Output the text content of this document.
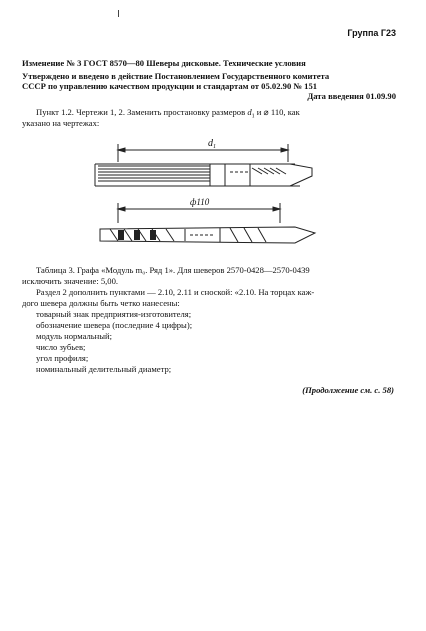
Группа Г23
Изменение № 3 ГОСТ 8570—80 Шеверы дисковые. Технические условия
Утверждено и введено в действие Постановлением Государственного комитета
СССР по управлению качеством продукции и стандартам от 05.02.90 № 151
Дата введения 01.09.90
Пункт 1.2. Чертежи 1, 2. Заменить простановку размеров $d_1$ и ⌀ 110, как
указано на чертежах:
$d_1$
ф110
Таблица 3. Графа «Модуль m₀. Ряд 1». Для шеверов 2570-0428—2570-0439
исключить значение: 5,00.
Раздел 2 дополнить пунктами — 2.10, 2.11 и сноской: «2.10. На торцах каж-
дого шевера должны быть четко нанесены:
товарный знак предприятия-изготовителя;
обозначение шевера (последние 4 цифры);
модуль нормальный;
число зубьев;
угол профиля;
номинальный делительный диаметр;
(Продолжение см. с. 58)
